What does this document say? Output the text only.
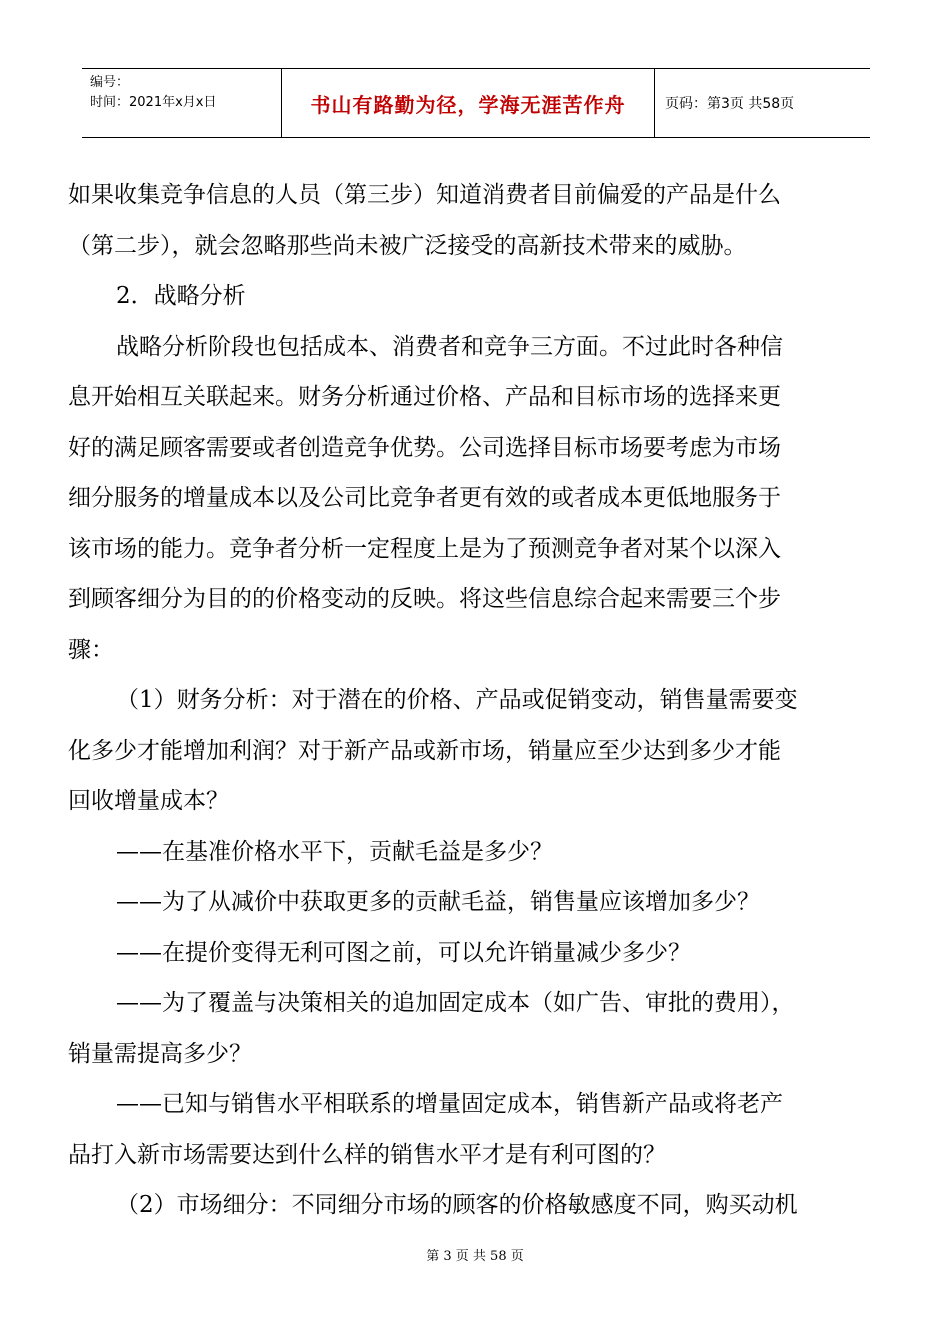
编号：
时间：2021年x月x日	书山有路勤为径，学海无涯苦作舟	页码：第3页 共58页
如果收集竞争信息的人员（第三步）知道消费者目前偏爱的产品是什么
（第二步），就会忽略那些尚未被广泛接受的高新技术带来的威胁。
2．战略分析
战略分析阶段也包括成本、消费者和竞争三方面。不过此时各种信
息开始相互关联起来。财务分析通过价格、产品和目标市场的选择来更
好的满足顾客需要或者创造竞争优势。公司选择目标市场要考虑为市场
细分服务的增量成本以及公司比竞争者更有效的或者成本更低地服务于
该市场的能力。竞争者分析一定程度上是为了预测竞争者对某个以深入
到顾客细分为目的的价格变动的反映。将这些信息综合起来需要三个步
骤：
（1）财务分析：对于潜在的价格、产品或促销变动，销售量需要变
化多少才能增加利润？对于新产品或新市场，销量应至少达到多少才能
回收增量成本？
——在基准价格水平下，贡献毛益是多少？
——为了从减价中获取更多的贡献毛益，销售量应该增加多少？
——在提价变得无利可图之前，可以允许销量减少多少？
——为了覆盖与决策相关的追加固定成本（如广告、审批的费用），
销量需提高多少？
——已知与销售水平相联系的增量固定成本，销售新产品或将老产
品打入新市场需要达到什么样的销售水平才是有利可图的？
（2）市场细分：不同细分市场的顾客的价格敏感度不同，购买动机
第 3 页 共 58 页
